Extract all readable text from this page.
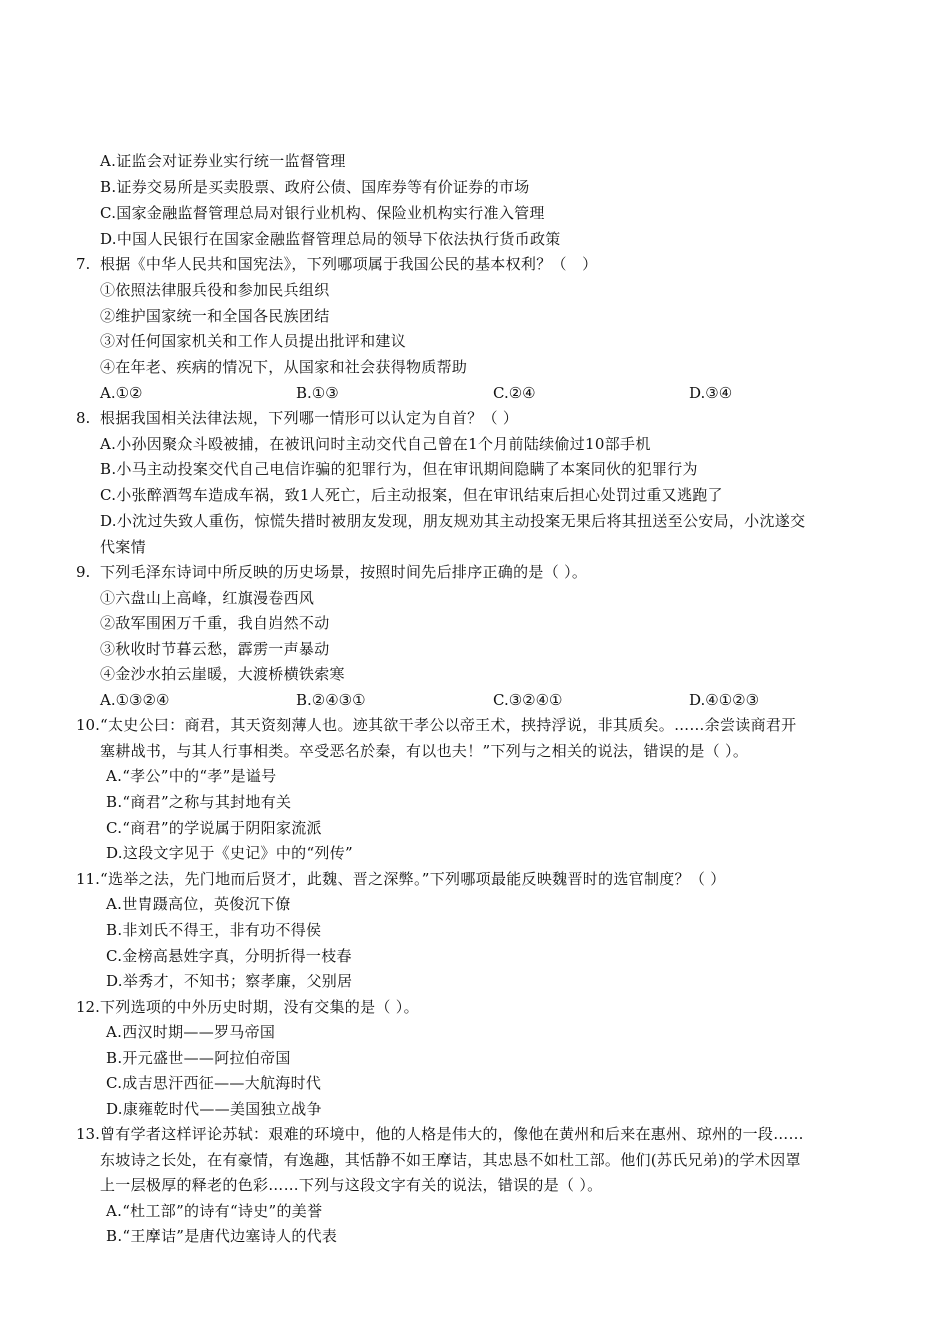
A.证监会对证券业实行统一监督管理
B.证券交易所是买卖股票、政府公债、国库券等有价证券的市场
C.国家金融监督管理总局对银行业机构、保险业机构实行准入管理
D.中国人民银行在国家金融监督管理总局的领导下依法执行货币政策
7. 根据《中华人民共和国宪法》，下列哪项属于我国公民的基本权利？（　）
①依照法律服兵役和参加民兵组织
②维护国家统一和全国各民族团结
③对任何国家机关和工作人员提出批评和建议
④在年老、疾病的情况下，从国家和社会获得物质帮助
A.①②	B.①③	C.②④	D.③④
8. 根据我国相关法律法规，下列哪一情形可以认定为自首？（ ）
A.小孙因聚众斗殴被捕，在被讯问时主动交代自己曾在1个月前陆续偷过10部手机
B.小马主动投案交代自己电信诈骗的犯罪行为，但在审讯期间隐瞒了本案同伙的犯罪行为
C.小张醉酒驾车造成车祸，致1人死亡，后主动报案，但在审讯结束后担心处罚过重又逃跑了
D.小沈过失致人重伤，惊慌失措时被朋友发现，朋友规劝其主动投案无果后将其扭送至公安局，小沈遂交
代案情
9. 下列毛泽东诗词中所反映的历史场景，按照时间先后排序正确的是（ ）。
①六盘山上高峰，红旗漫卷西风
②敌军围困万千重，我自岿然不动
③秋收时节暮云愁，霹雳一声暴动
④金沙水拍云崖暖，大渡桥横铁索寒
A.①③②④	B.②④③①	C.③②④①	D.④①②③
10. “太史公曰：商君，其天资刻薄人也。迹其欲干孝公以帝王术，挟持浮说，非其质矣。……余尝读商君开
塞耕战书，与其人行事相类。卒受恶名於秦，有以也夫！”下列与之相关的说法，错误的是（ ）。
A.“孝公”中的“孝”是谥号
B.“商君”之称与其封地有关
C.“商君”的学说属于阴阳家流派
D.这段文字见于《史记》中的“列传”
11. “选举之法，先门地而后贤才，此魏、晋之深弊。”下列哪项最能反映魏晋时的选官制度？（ ）
A.世胄蹑高位，英俊沉下僚
B.非刘氏不得王，非有功不得侯
C.金榜高悬姓字真，分明折得一枝春
D.举秀才，不知书；察孝廉，父别居
12. 下列选项的中外历史时期，没有交集的是（ ）。
A.西汉时期——罗马帝国
B.开元盛世——阿拉伯帝国
C.成吉思汗西征——大航海时代
D.康雍乾时代——美国独立战争
13. 曾有学者这样评论苏轼：艰难的环境中，他的人格是伟大的，像他在黄州和后来在惠州、琼州的一段……
东坡诗之长处，在有豪情，有逸趣，其恬静不如王摩诘，其忠恳不如杜工部。他们(苏氏兄弟)的学术因罩
上一层极厚的释老的色彩……下列与这段文字有关的说法，错误的是（ ）。
A.“杜工部”的诗有“诗史”的美誉
B.“王摩诘”是唐代边塞诗人的代表
